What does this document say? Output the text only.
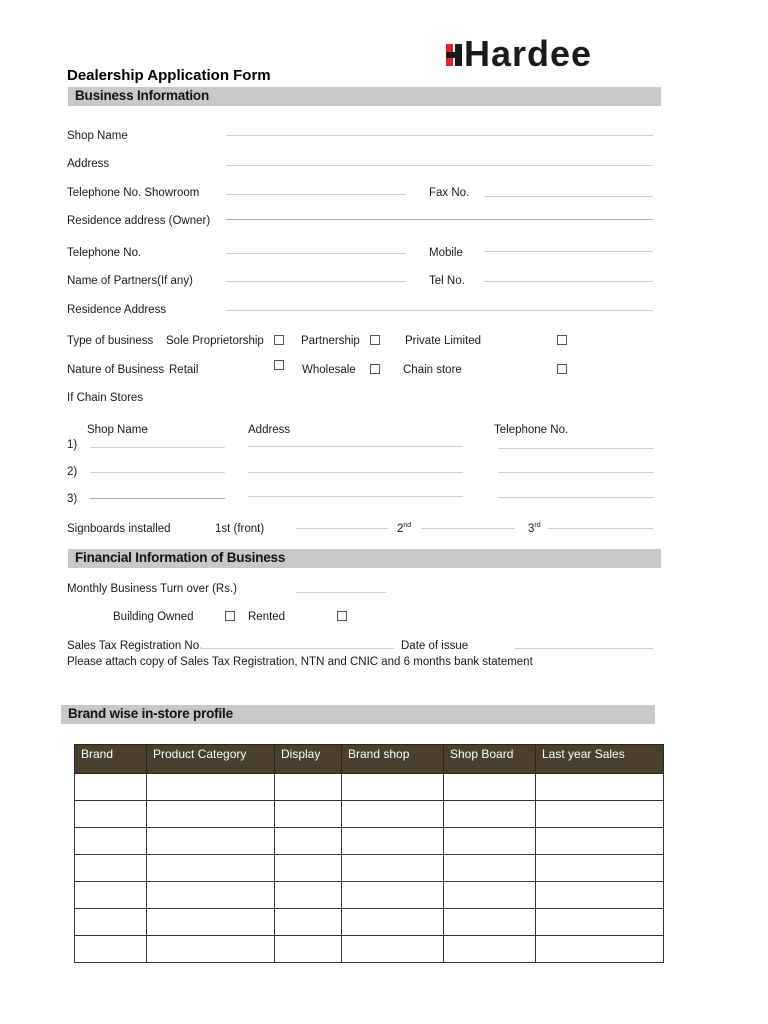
Hardee
Dealership Application Form
Business Information
Shop Name
Address
Telephone No. Showroom	Fax No.
Residence address (Owner)
Telephone No.	Mobile
Name of Partners(If any)	Tel No.
Residence Address
Type of business Sole Proprietorship	Partnership	Private Limited
Nature of Business Retail	Wholesale	Chain store
If Chain Stores
Shop Name	Address	Telephone No.
1)
2)
3)
Signboards installed	1st (front)	2nd	3rd
Financial Information of Business
Monthly Business Turn over (Rs.)
Building Owned	Rented
Sales Tax Registration No.	Date of issue
Please attach copy of Sales Tax Registration, NTN and CNIC and 6 months bank statement
Brand wise in-store profile
Brand	Product Category	Display	Brand shop	Shop Board	Last year Sales
